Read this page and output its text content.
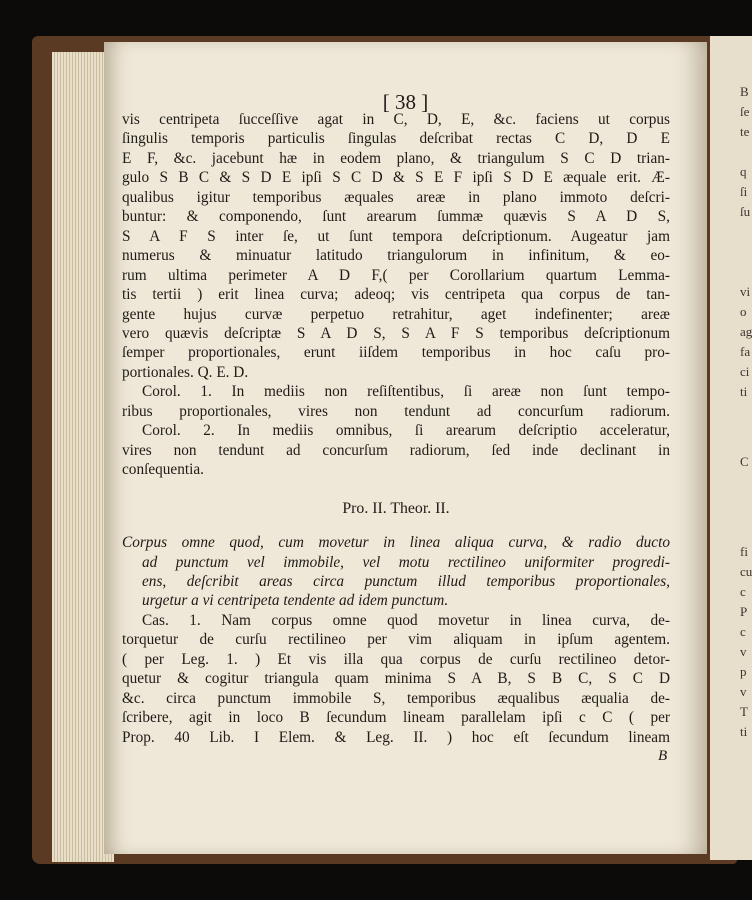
B
ſe
te
q
ſi
ſu
vi
o
ag
fa
ci
ti
C
fi
cu
c
P
c
v
p
v
T
ti
[ 38 ]
vis centripeta ſucceſſive agat in C, D, E, &c. faciens ut corpus
ſingulis temporis particulis ſingulas deſcribat rectas C D, D E
E F, &c. jacebunt hæ in eodem plano, & triangulum S C D trian-
gulo S B C & S D E ipſi S C D & S E F ipſi S D E æquale erit. Æ-
qualibus igitur temporibus æquales areæ in plano immoto deſcri-
buntur: & componendo, ſunt arearum ſummæ quævis S A D S,
S A F S inter ſe, ut ſunt tempora deſcriptionum. Augeatur jam
numerus & minuatur latitudo triangulorum in infinitum, & eo-
rum ultima perimeter A D F,( per Corollarium quartum Lemma-
tis tertii ) erit linea curva; adeoq; vis centripeta qua corpus de tan-
gente hujus curvæ perpetuo retrahitur, aget indefinenter; areæ
vero quævis deſcriptæ S A D S, S A F S temporibus deſcriptionum
ſemper proportionales, erunt iiſdem temporibus in hoc caſu pro-
portionales. Q. E. D.
Corol. 1. In mediis non reſiſtentibus, ſi areæ non ſunt tempo-
ribus proportionales, vires non tendunt ad concurſum radiorum.
Corol. 2. In mediis omnibus, ſi arearum deſcriptio acceleratur,
vires non tendunt ad concurſum radiorum, ſed inde declinant in
conſequentia.
Pro. II. Theor. II.
Corpus omne quod, cum movetur in linea aliqua curva, & radio ducto
ad punctum vel immobile, vel motu rectilineo uniformiter progredi-
ens, deſcribit areas circa punctum illud temporibus proportionales,
urgetur a vi centripeta tendente ad idem punctum.
Cas. 1. Nam corpus omne quod movetur in linea curva, de-
torquetur de curſu rectilineo per vim aliquam in ipſum agentem.
( per Leg. 1. ) Et vis illa qua corpus de curſu rectilineo detor-
quetur & cogitur triangula quam minima S A B, S B C, S C D
&c. circa punctum immobile S, temporibus æqualibus æqualia de-
ſcribere, agit in loco B ſecundum lineam parallelam ipſi c C ( per
Prop. 40 Lib. I Elem. & Leg. II. ) hoc eſt ſecundum lineam
B
